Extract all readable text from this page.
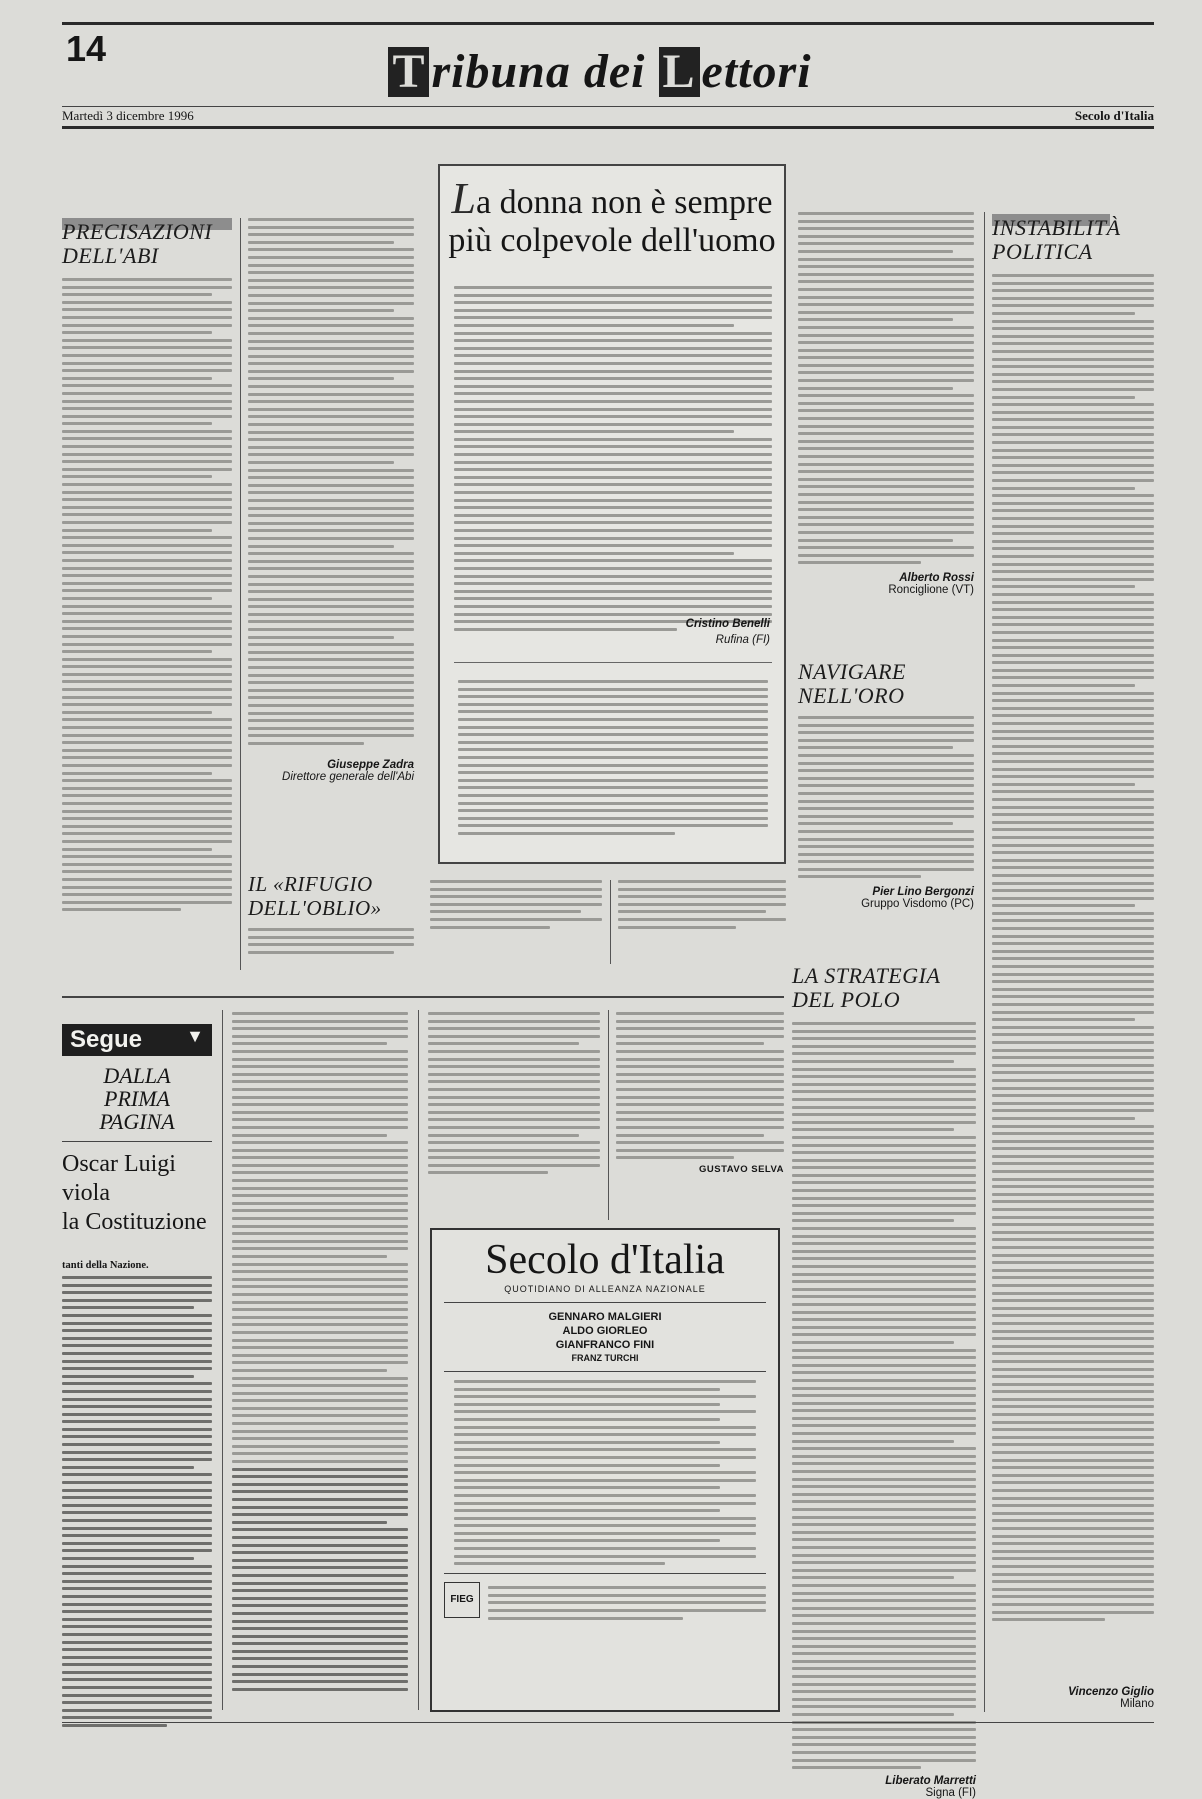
14	T ribuna dei L ettori
Martedì 3 dicembre 1996	Secolo d'Italia
PRECISAZIONI
DELL'ABI
Giuseppe Zadra
Direttore generale dell'Abi
IL «RIFUGIO
DELL'OBLIO»
La donna non è sempre
più colpevole dell'uomo
Cristino Benelli
Rufina (FI)
Alberto Rossi
Ronciglione (VT)
NAVIGARE
NELL'ORO
Pier Lino Bergonzi
Gruppo Visdomo (PC)
INSTABILITÀ
POLITICA
Vincenzo Giglio
Milano
LA STRATEGIA
DEL POLO
Liberato Marretti
Signa (FI)
Segue ▼
DALLA
PRIMA
PAGINA
Oscar Luigi
viola
la Costituzione
tanti della Nazione.
GUSTAVO SELVA
Secolo d'Italia
QUOTIDIANO DI ALLEANZA NAZIONALE
GENNARO MALGIERI
ALDO GIORLEO
GIANFRANCO FINI
FRANZ TURCHI
FIEG
